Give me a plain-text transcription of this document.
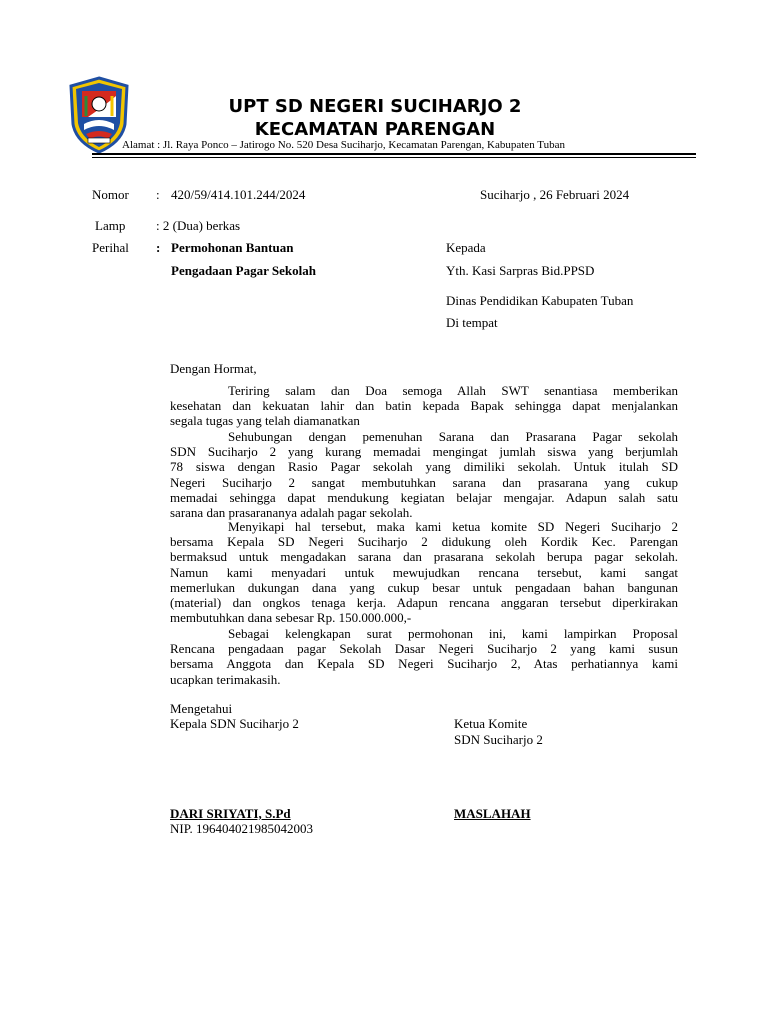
UPT SD NEGERI SUCIHARJO 2
KECAMATAN PARENGAN
Alamat : Jl. Raya Ponco – Jatirogo No. 520 Desa Suciharjo, Kecamatan Parengan, Kabupaten Tuban
Nomor : 420/59/414.101.244/2024	Suciharjo , 26 Februari 2024
Lamp : 2 (Dua) berkas
Perihal : Permohonan Bantuan
Pengadaan Pagar Sekolah
Kepada
Yth. Kasi Sarpras Bid.PPSD
Dinas Pendidikan Kabupaten Tuban
Di tempat
Dengan Hormat,
Teriring salam dan Doa semoga Allah SWT senantiasa memberikan
kesehatan dan kekuatan lahir dan batin kepada Bapak sehingga dapat menjalankan
segala tugas yang telah diamanatkan
Sehubungan dengan pemenuhan Sarana dan Prasarana Pagar sekolah
SDN Suciharjo 2 yang kurang memadai mengingat jumlah siswa yang berjumlah
78 siswa dengan Rasio Pagar sekolah yang dimiliki sekolah. Untuk itulah SD
Negeri Suciharjo 2 sangat membutuhkan sarana dan prasarana yang cukup
memadai sehingga dapat mendukung kegiatan belajar mengajar. Adapun salah satu
sarana dan prasarananya adalah pagar sekolah.
Menyikapi hal tersebut, maka kami ketua komite SD Negeri Suciharjo 2
bersama Kepala SD Negeri Suciharjo 2 didukung oleh Kordik Kec. Parengan
bermaksud untuk mengadakan sarana dan prasarana sekolah berupa pagar sekolah.
Namun kami menyadari untuk mewujudkan rencana tersebut, kami sangat
memerlukan dukungan dana yang cukup besar untuk pengadaan bahan bangunan
(material) dan ongkos tenaga kerja. Adapun rencana anggaran tersebut diperkirakan
membutuhkan dana sebesar Rp. 150.000.000,-
Sebagai kelengkapan surat permohonan ini, kami lampirkan Proposal
Rencana pengadaan pagar Sekolah Dasar Negeri Suciharjo 2 yang kami susun
bersama Anggota dan Kepala SD Negeri Suciharjo 2, Atas perhatiannya kami
ucapkan terimakasih.
Mengetahui
Kepala SDN Suciharjo 2	Ketua Komite
SDN Suciharjo 2
DARI SRIYATI, S.Pd
NIP. 196404021985042003
MASLAHAH
